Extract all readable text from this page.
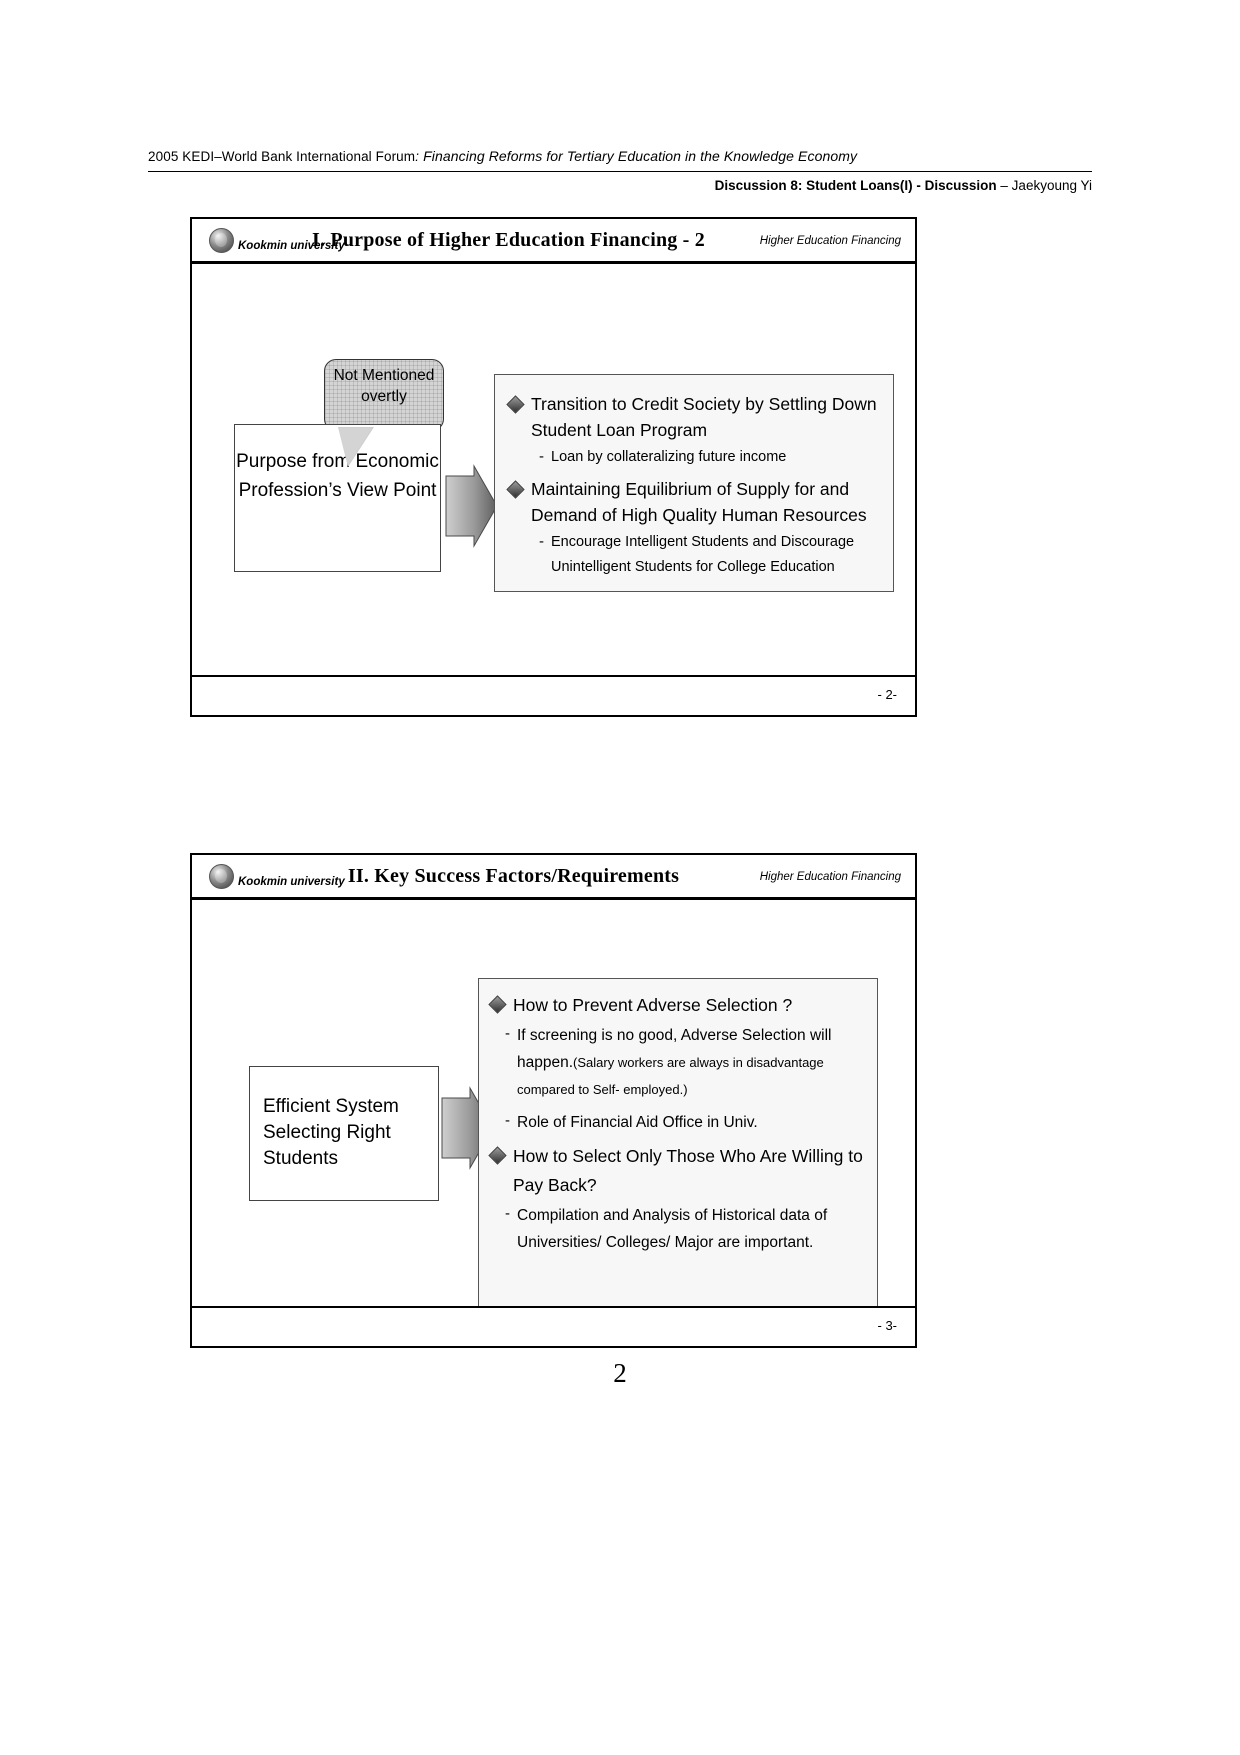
2005 KEDI–World Bank International Forum: Financing Reforms for Tertiary Education in the Knowledge Economy
Discussion 8: Student Loans(I) - Discussion – Jaekyoung Yi
Kookmin university
I. Purpose of Higher Education Financing - 2	Higher Education Financing
Not Mentioned overtly
Purpose from Economic Profession’s View Point
Transition to Credit Society by Settling Down Student Loan Program
- Loan by collateralizing future income
Maintaining Equilibrium of Supply for and Demand of High Quality Human Resources
- Encourage Intelligent Students and Discourage Unintelligent Students for College Education
- 2-
Kookmin university II. Key Success Factors/Requirements	Higher Education Financing
Efficient System Selecting Right Students
How to Prevent Adverse Selection ?
- If screening is no good, Adverse Selection will happen.(Salary workers are always in disadvantage compared to Self- employed.)
- Role of Financial Aid Office in Univ.
How to Select Only Those Who Are Willing to Pay Back?
- Compilation and Analysis of Historical data of Universities/ Colleges/ Major are important.
- 3-
2
